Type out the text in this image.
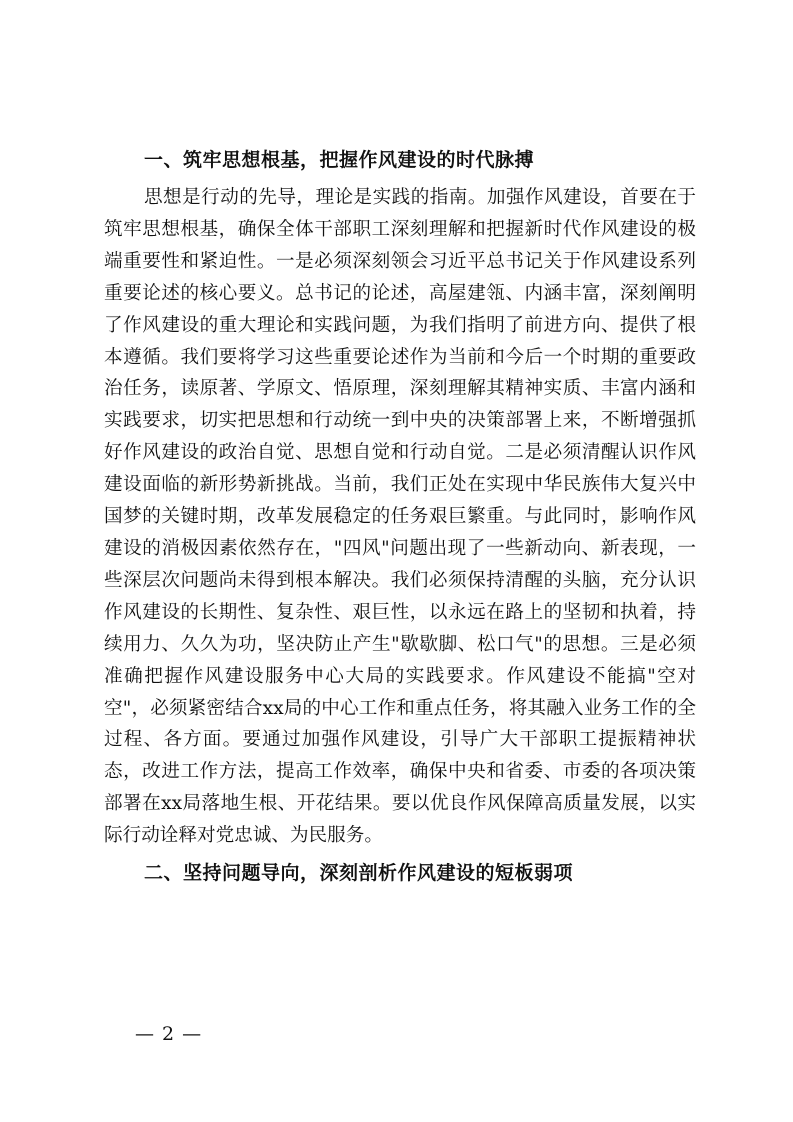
一、筑牢思想根基，把握作风建设的时代脉搏

思想是行动的先导，理论是实践的指南。加强作风建设，首要在于筑牢思想根基，确保全体干部职工深刻理解和把握新时代作风建设的极端重要性和紧迫性。一是必须深刻领会习近平总书记关于作风建设系列重要论述的核心要义。总书记的论述，高屋建瓴、内涵丰富，深刻阐明了作风建设的重大理论和实践问题，为我们指明了前进方向、提供了根本遵循。我们要将学习这些重要论述作为当前和今后一个时期的重要政治任务，读原著、学原文、悟原理，深刻理解其精神实质、丰富内涵和实践要求，切实把思想和行动统一到中央的决策部署上来，不断增强抓好作风建设的政治自觉、思想自觉和行动自觉。二是必须清醒认识作风建设面临的新形势新挑战。当前，我们正处在实现中华民族伟大复兴中国梦的关键时期，改革发展稳定的任务艰巨繁重。与此同时，影响作风建设的消极因素依然存在，"四风"问题出现了一些新动向、新表现，一些深层次问题尚未得到根本解决。我们必须保持清醒的头脑，充分认识作风建设的长期性、复杂性、艰巨性，以永远在路上的坚韧和执着，持续用力、久久为功，坚决防止产生"歇歇脚、松口气"的思想。三是必须准确把握作风建设服务中心大局的实践要求。作风建设不能搞"空对空"，必须紧密结合xx局的中心工作和重点任务，将其融入业务工作的全过程、各方面。要通过加强作风建设，引导广大干部职工提振精神状态，改进工作方法，提高工作效率，确保中央和省委、市委的各项决策部署在xx局落地生根、开花结果。要以优良作风保障高质量发展，以实际行动诠释对党忠诚、为民服务。

二、坚持问题导向，深刻剖析作风建设的短板弱项
— 2 —
